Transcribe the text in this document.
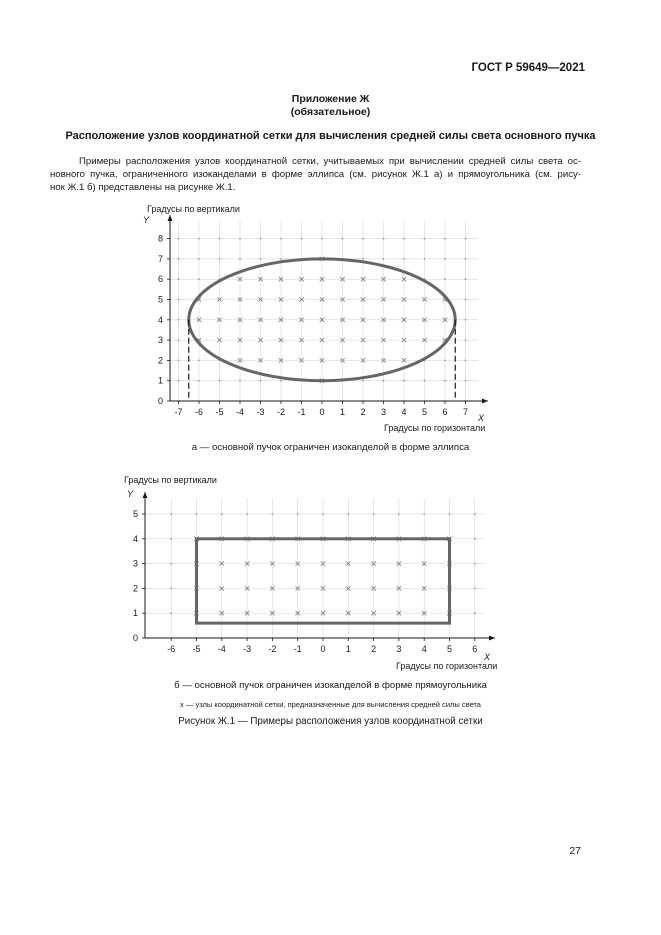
ГОСТ Р 59649—2021
Приложение Ж
(обязательное)
Расположение узлов координатной сетки для вычисления средней силы света основного пучка
Примеры расположения узлов координатной сетки, учитываемых при вычислении средней силы света ос-
новного пучка, ограниченного изоканделами в форме эллипса (см. рисунок Ж.1 а) и прямоугольника (см. рису-
нок Ж.1 б) представлены на рисунке Ж.1.
Градусы по вертикали
Y
X
Градусы по горизонтали
-7 -6 -5 -4 -3 -2 -1 0 1 2 3 4 5 6 7
0
1
2
3
4
5
6
7
8
а — основной пучок ограничен изокanделой в форме эллипса
Градусы по вертикали
Y
X
Градусы по горизонтали
-6 -5 -4 -3 -2 -1 0 1 2 3 4 5 6
0
1
2
3
4
5
б — основной пучок ограничен изокanделой в форме прямоугольника
x — узлы координатной сетки, предназначенные для вычисления средней силы света
Рисунок Ж.1 — Примеры расположения узлов координатной сетки
27
